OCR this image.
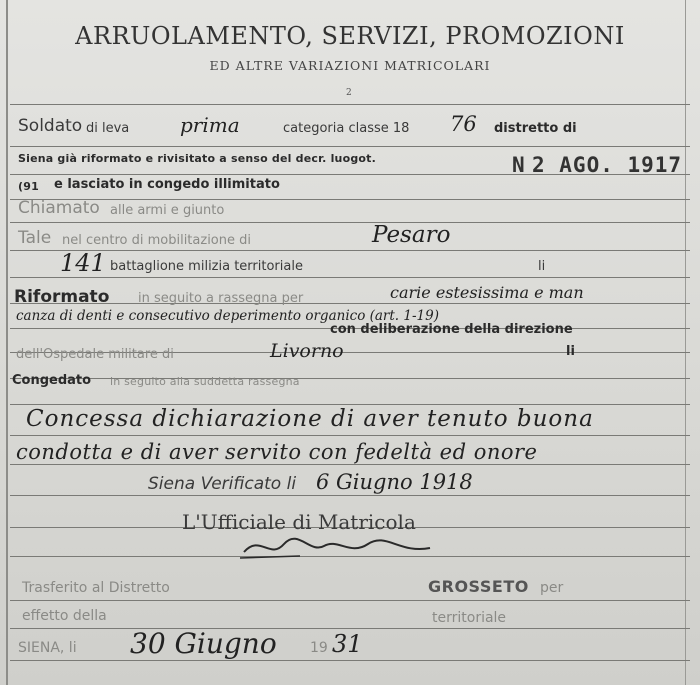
ARRUOLAMENTO, SERVIZI, PROMOZIONI
ED ALTRE VARIAZIONI MATRICOLARI
2
Soldato di leva	prima	categoria classe 18 76 distretto di
Siena già riformato e rivisitato a senso del decr. luogot.	N 2 AGO. 1917
(91 e lasciato in congedo illimitato
Chiamato alle armi e giunto
Tale nel centro di mobilitazione di	Pesaro
141 battaglione milizia territoriale	li
Riformato in seguito a rassegna per	carie estesissima e man
canza di denti e consecutivo deperimento organico (art. 1-19)
con deliberazione della direzione
dell'Ospedale militare di	Livorno	li
Congedato in seguito alla suddetta rassegna
Concessa dichiarazione di aver tenuto buona
condotta e di aver servito con fedeltà ed onore
Siena Verificato li 6 Giugno 1918
L'Ufficiale di Matricola
Trasferito al Distretto	GROSSETO per
effetto della	territoriale
SIENA, li 30 Giugno 19 31
